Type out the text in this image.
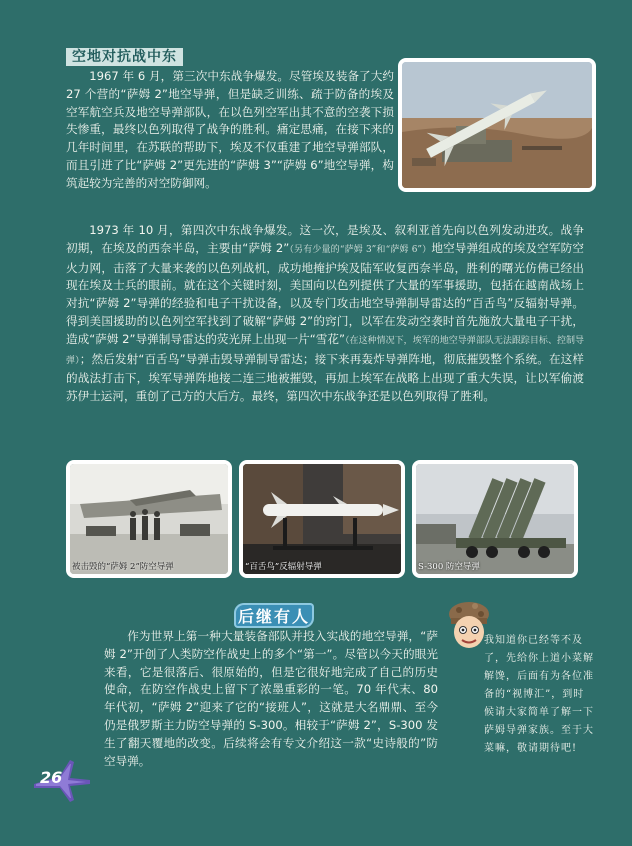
空地对抗战中东
1967 年 6 月，第三次中东战争爆发。尽管埃及装备了大约 27 个营的“萨姆 2”地空导弹，但是缺乏训练、疏于防备的埃及空军航空兵及地空导弹部队，在以色列空军出其不意的空袭下损失惨重，最终以色列取得了战争的胜利。痛定思痛，在接下来的几年时间里，在苏联的帮助下，埃及不仅重建了地空导弹部队，而且引进了比“萨姆 2”更先进的“萨姆 3”“萨姆 6”地空导弹，构筑起较为完善的对空防御网。
1973 年 10 月，第四次中东战争爆发。这一次，是埃及、叙利亚首先向以色列发动进攻。战争初期，在埃及的西奈半岛，主要由“萨姆 2”（另有少量的“萨姆 3”和“萨姆 6”）地空导弹组成的埃及空军防空火力网，击落了大量来袭的以色列战机，成功地掩护埃及陆军收复西奈半岛，胜利的曙光仿佛已经出现在埃及士兵的眼前。就在这个关键时刻，美国向以色列提供了大量的军事援助，包括在越南战场上对抗“萨姆 2”导弹的经验和电子干扰设备，以及专门攻击地空导弹制导雷达的“百舌鸟”反辐射导弹。得到美国援助的以色列空军找到了破解“萨姆 2”的窍门，以军在发动空袭时首先施放大量电子干扰，造成“萨姆 2”导弹制导雷达的荧光屏上出现一片“雪花”（在这种情况下，埃军的地空导弹部队无法跟踪目标、控制导弹）；然后发射“百舌鸟”导弹击毁导弹制导雷达；接下来再轰炸导弹阵地，彻底摧毁整个系统。在这样的战法打击下，埃军导弹阵地接二连三地被摧毁，再加上埃军在战略上出现了重大失误，让以军偷渡苏伊士运河，重创了己方的大后方。最终，第四次中东战争还是以色列取得了胜利。
被击毁的“萨姆 2”防空导弹	“百舌鸟”反辐射导弹	S-300 防空导弹
后继有人
作为世界上第一种大量装备部队并投入实战的地空导弹，“萨姆 2”开创了人类防空作战史上的多个“第一”。尽管以今天的眼光来看，它是很落后、很原始的，但是它很好地完成了自己的历史使命，在防空作战史上留下了浓墨重彩的一笔。70 年代末、80 年代初，“萨姆 2”迎来了它的“接班人”，这就是大名鼎鼎、至今仍是俄罗斯主力防空导弹的 S-300。相较于“萨姆 2”，S-300 发生了翻天覆地的改变。后续将会有专文介绍这一款“史诗般的”防空导弹。
我知道你已经等不及了，先给你上道小菜解解馋，后面有为各位准备的“视博汇”，到时候请大家简单了解一下萨姆导弹家族。至于大菜嘛，敬请期待吧!
26
